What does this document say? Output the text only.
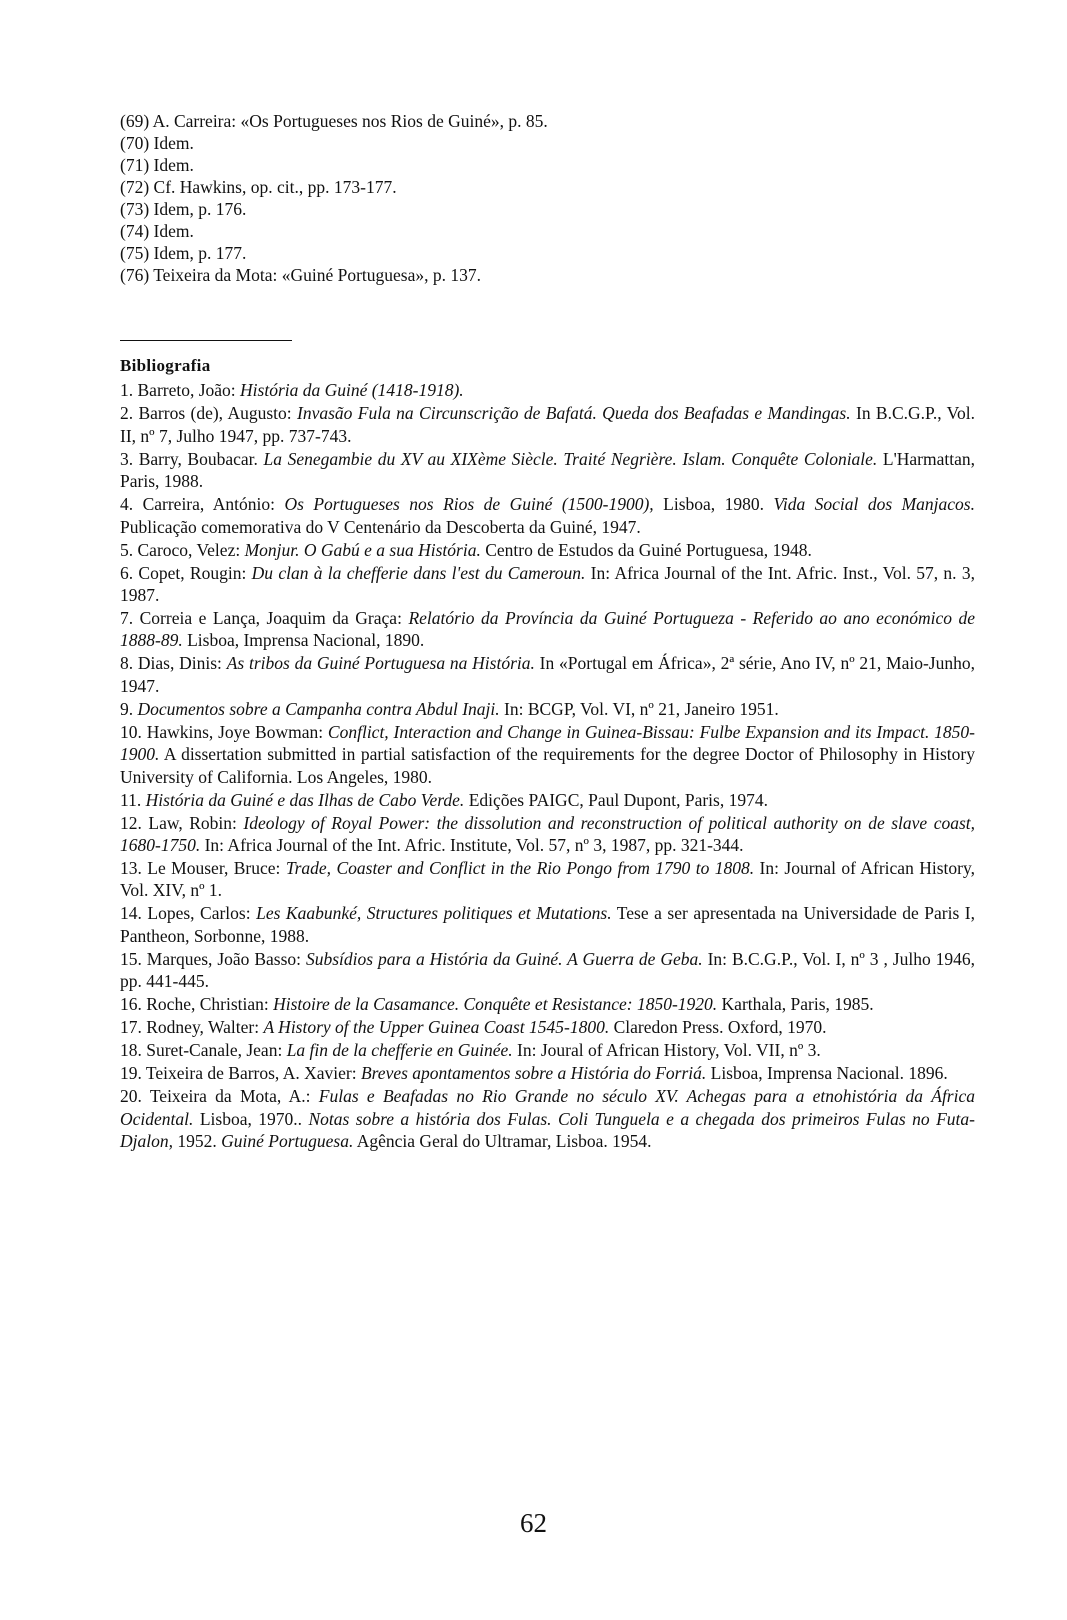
(69) A. Carreira: «Os Portugueses nos Rios de Guiné», p. 85.
(70) Idem.
(71) Idem.
(72) Cf. Hawkins, op. cit., pp. 173-177.
(73) Idem, p. 176.
(74) Idem.
(75) Idem, p. 177.
(76) Teixeira da Mota: «Guiné Portuguesa», p. 137.
Bibliografia
1. Barreto, João: História da Guiné (1418-1918).
2. Barros (de), Augusto: Invasão Fula na Circunscrição de Bafatá. Queda dos Beafadas e Mandingas. In B.C.G.P., Vol. II, nº 7, Julho 1947, pp. 737-743.
3. Barry, Boubacar. La Senegambie du XV au XIXème Siècle. Traité Negrière. Islam. Conquête Coloniale. L'Harmattan, Paris, 1988.
4. Carreira, António: Os Portugueses nos Rios de Guiné (1500-1900), Lisboa, 1980. Vida Social dos Manjacos. Publicação comemorativa do V Centenário da Descoberta da Guiné, 1947.
5. Caroco, Velez: Monjur. O Gabú e a sua História. Centro de Estudos da Guiné Portuguesa, 1948.
6. Copet, Rougin: Du clan à la chefferie dans l'est du Cameroun. In: Africa Journal of the Int. Afric. Inst., Vol. 57, n. 3, 1987.
7. Correia e Lança, Joaquim da Graça: Relatório da Província da Guiné Portugueza - Referido ao ano económico de 1888-89. Lisboa, Imprensa Nacional, 1890.
8. Dias, Dinis: As tribos da Guiné Portuguesa na História. In «Portugal em África», 2ª série, Ano IV, nº 21, Maio-Junho, 1947.
9. Documentos sobre a Campanha contra Abdul Inaji. In: BCGP, Vol. VI, nº 21, Janeiro 1951.
10. Hawkins, Joye Bowman: Conflict, Interaction and Change in Guinea-Bissau: Fulbe Expansion and its Impact. 1850-1900. A dissertation submitted in partial satisfaction of the requirements for the degree Doctor of Philosophy in History University of California. Los Angeles, 1980.
11. História da Guiné e das Ilhas de Cabo Verde. Edições PAIGC, Paul Dupont, Paris, 1974.
12. Law, Robin: Ideology of Royal Power: the dissolution and reconstruction of political authority on de slave coast, 1680-1750. In: Africa Journal of the Int. Afric. Institute, Vol. 57, nº 3, 1987, pp. 321-344.
13. Le Mouser, Bruce: Trade, Coaster and Conflict in the Rio Pongo from 1790 to 1808. In: Journal of African History, Vol. XIV, nº 1.
14. Lopes, Carlos: Les Kaabunké, Structures politiques et Mutations. Tese a ser apresentada na Universidade de Paris I, Pantheon, Sorbonne, 1988.
15. Marques, João Basso: Subsídios para a História da Guiné. A Guerra de Geba. In: B.C.G.P., Vol. I, nº 3 , Julho 1946, pp. 441-445.
16. Roche, Christian: Histoire de la Casamance. Conquête et Resistance: 1850-1920. Karthala, Paris, 1985.
17. Rodney, Walter: A History of the Upper Guinea Coast 1545-1800. Claredon Press. Oxford, 1970.
18. Suret-Canale, Jean: La fin de la chefferie en Guinée. In: Joural of African History, Vol. VII, nº 3.
19. Teixeira de Barros, A. Xavier: Breves apontamentos sobre a História do Forriá. Lisboa, Imprensa Nacional. 1896.
20. Teixeira da Mota, A.: Fulas e Beafadas no Rio Grande no século XV. Achegas para a etnohistória da África Ocidental. Lisboa, 1970.. Notas sobre a história dos Fulas. Coli Tunguela e a chegada dos primeiros Fulas no Futa-Djalon, 1952. Guiné Portuguesa. Agência Geral do Ultramar, Lisboa. 1954.
62
